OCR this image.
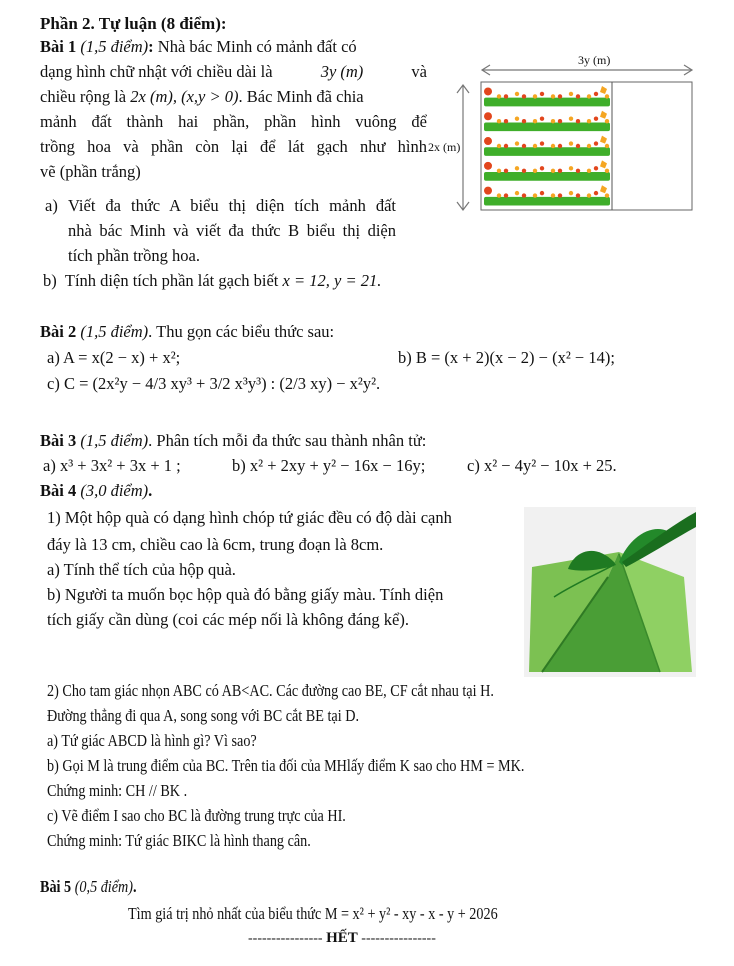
Phần 2. Tự luận (8 điểm):
Bài 1 (1,5 điểm): Nhà bác Minh có mảnh đất có
dạng hình chữ nhật với chiều dài là	3y (m)	và
chiều rộng là 2x (m), (x,y > 0). Bác Minh đã chia
mảnh đất thành hai phần, phần hình vuông để
trồng hoa và phần còn lại để lát gạch như hình
vẽ (phần trắng)
a) Viết đa thức A biểu thị diện tích mảnh đất
nhà bác Minh và viết đa thức B biểu thị diện
tích phần trồng hoa.
b) Tính diện tích phần lát gạch biết x = 12, y = 21.
3y (m)
2x (m)
Bài 2 (1,5 điểm). Thu gọn các biểu thức sau:
a) A = x(2 − x) + x²;	b) B = (x + 2)(x − 2) − (x² − 14);
c) C = (2x²y − 4/3 xy³ + 3/2 x³y³) : (2/3 xy) − x²y².
Bài 3 (1,5 điểm). Phân tích mỗi đa thức sau thành nhân tử:
a) x³ + 3x² + 3x + 1 ;	b) x² + 2xy + y² − 16x − 16y;	c) x² − 4y² − 10x + 25.
Bài 4 (3,0 điểm).
1) Một hộp quà có dạng hình chóp tứ giác đều có độ dài cạnh
đáy là 13 cm, chiều cao là 6cm, trung đoạn là 8cm.
a) Tính thể tích của hộp quà.
b) Người ta muốn bọc hộp quà đó bằng giấy màu. Tính diện
tích giấy cần dùng (coi các mép nối là không đáng kể).
2) Cho tam giác nhọn ABC có AB<AC. Các đường cao BE, CF cắt nhau tại H.
Đường thẳng đi qua A, song song với BC cắt BE tại D.
a) Tứ giác ABCD là hình gì? Vì sao?
b) Gọi M là trung điểm của BC. Trên tia đối của MHlấy điểm K sao cho HM = MK.
Chứng minh: CH // BK .
c) Vẽ điểm I sao cho BC là đường trung trực của HI.
Chứng minh: Tứ giác BIKC là hình thang cân.
Bài 5 (0,5 điểm).
Tìm giá trị nhỏ nhất của biểu thức M = x² + y² - xy - x - y + 2026
---------------- HẾT ----------------
